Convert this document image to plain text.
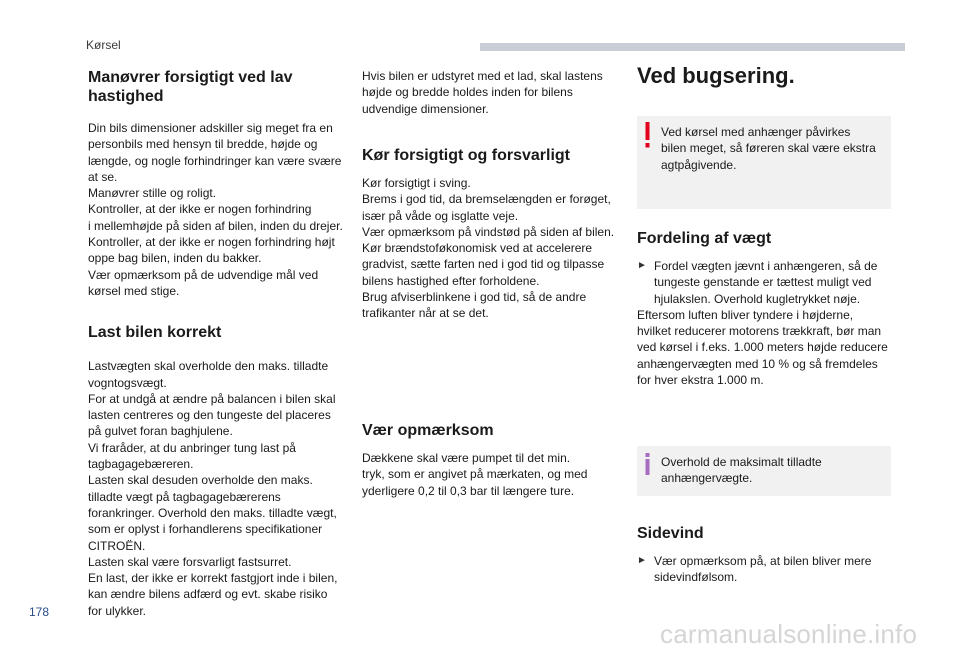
Kørsel
Manøvrer forsigtigt ved lav hastighed

Din bils dimensioner adskiller sig meget fra en
personbils med hensyn til bredde, højde og
længde, og nogle forhindringer kan være svære
at se.
Manøvrer stille og roligt.
Kontroller, at der ikke er nogen forhindring
i mellemhøjde på siden af bilen, inden du drejer.
Kontroller, at der ikke er nogen forhindring højt
oppe bag bilen, inden du bakker.
Vær opmærksom på de udvendige mål ved
kørsel med stige.

Last bilen korrekt

Lastvægten skal overholde den maks. tilladte
vogntogsvægt.
For at undgå at ændre på balancen i bilen skal
lasten centreres og den tungeste del placeres
på gulvet foran baghjulene.
Vi fraråder, at du anbringer tung last på
tagbagagebæreren.
Lasten skal desuden overholde den maks.
tilladte vægt på tagbagagebærerens
forankringer. Overhold den maks. tilladte vægt,
som er oplyst i forhandlerens specifikationer
CITROËN.
Lasten skal være forsvarligt fastsurret.
En last, der ikke er korrekt fastgjort inde i bilen,
kan ændre bilens adfærd og evt. skabe risiko
for ulykker.

Hvis bilen er udstyret med et lad, skal lastens
højde og bredde holdes inden for bilens
udvendige dimensioner.

Kør forsigtigt og forsvarligt

Kør forsigtigt i sving.
Brems i god tid, da bremselængden er forøget,
især på våde og isglatte veje.
Vær opmærksom på vindstød på siden af bilen.
Kør brændstoføkonomisk ved at accelerere
gradvist, sætte farten ned i god tid og tilpasse
bilens hastighed efter forholdene.
Brug afviserblinkene i god tid, så de andre
trafikanter når at se det.

Vær opmærksom

Dækkene skal være pumpet til det min.
tryk, som er angivet på mærkaten, og med
yderligere 0,2 til 0,3 bar til længere ture.

Ved bugsering.
Ved kørsel med anhænger påvirkes
bilen meget, så føreren skal være ekstra
agtpågivende.
Fordeling af vægt
► Fordel vægten jævnt i anhængeren, så de
tungeste genstande er tættest muligt ved
hjulakslen. Overhold kugletrykket nøje.

Eftersom luften bliver tyndere i højderne,
hvilket reducerer motorens trækkraft, bør man
ved kørsel i f.eks. 1.000 meters højde reducere
anhængervægten med 10 % og så fremdeles
for hver ekstra 1.000 m.

Overhold de maksimalt tilladte
anhængervægte.
Sidevind
► Vær opmærksom på, at bilen bliver mere
sidevindfølsom.

178
carmanualsonline.info
